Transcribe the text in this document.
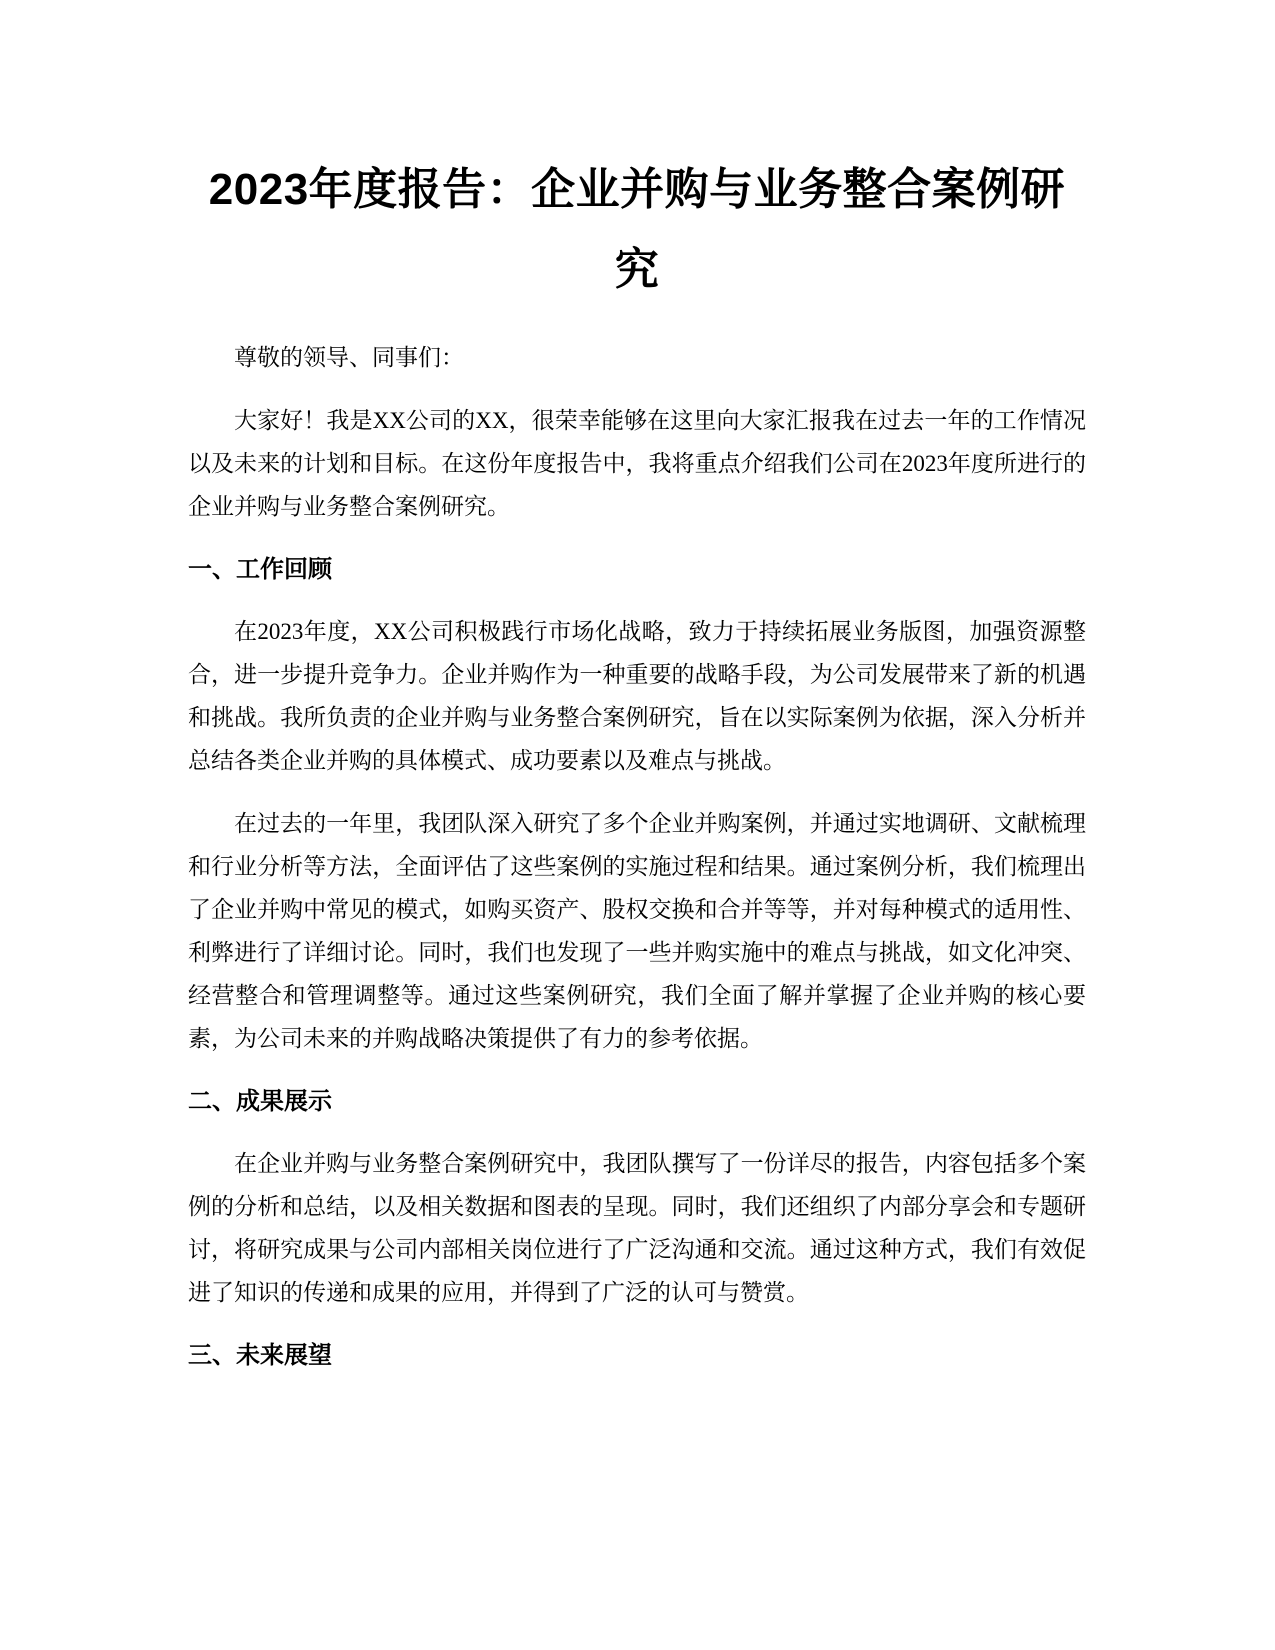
2023年度报告：企业并购与业务整合案例研究

尊敬的领导、同事们：

大家好！我是XX公司的XX，很荣幸能够在这里向大家汇报我在过去一年的工作情况以及未来的计划和目标。在这份年度报告中，我将重点介绍我们公司在2023年度所进行的企业并购与业务整合案例研究。

一、工作回顾

在2023年度，XX公司积极践行市场化战略，致力于持续拓展业务版图，加强资源整合，进一步提升竞争力。企业并购作为一种重要的战略手段，为公司发展带来了新的机遇和挑战。我所负责的企业并购与业务整合案例研究，旨在以实际案例为依据，深入分析并总结各类企业并购的具体模式、成功要素以及难点与挑战。

在过去的一年里，我团队深入研究了多个企业并购案例，并通过实地调研、文献梳理和行业分析等方法，全面评估了这些案例的实施过程和结果。通过案例分析，我们梳理出了企业并购中常见的模式，如购买资产、股权交换和合并等等，并对每种模式的适用性、利弊进行了详细讨论。同时，我们也发现了一些并购实施中的难点与挑战，如文化冲突、经营整合和管理调整等。通过这些案例研究，我们全面了解并掌握了企业并购的核心要素，为公司未来的并购战略决策提供了有力的参考依据。

二、成果展示

在企业并购与业务整合案例研究中，我团队撰写了一份详尽的报告，内容包括多个案例的分析和总结，以及相关数据和图表的呈现。同时，我们还组织了内部分享会和专题研讨，将研究成果与公司内部相关岗位进行了广泛沟通和交流。通过这种方式，我们有效促进了知识的传递和成果的应用，并得到了广泛的认可与赞赏。

三、未来展望
